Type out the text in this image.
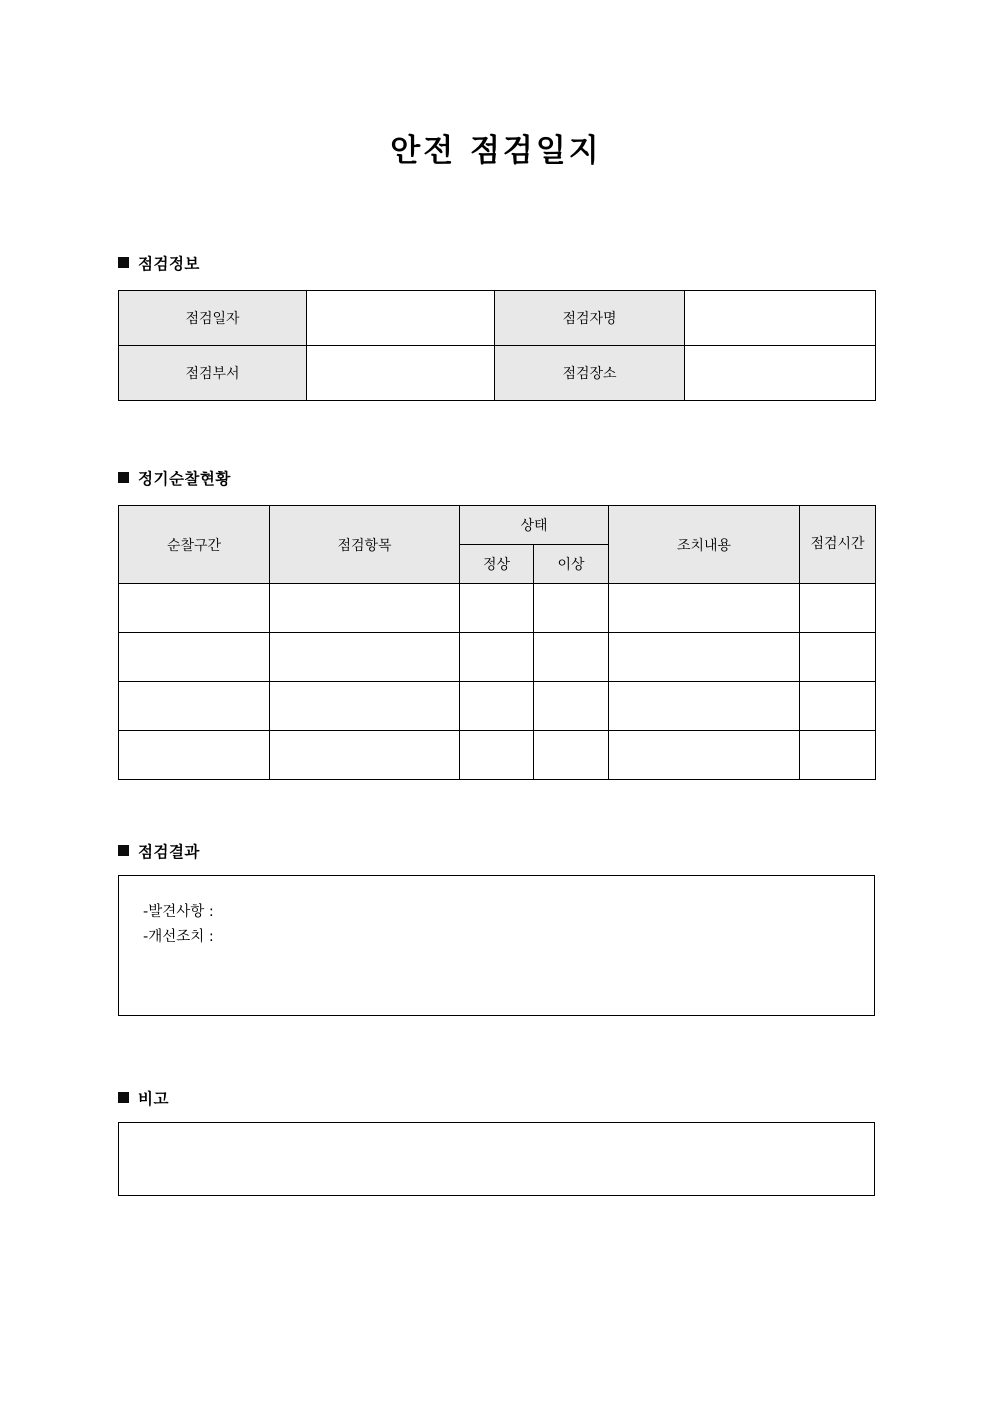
안전 점검일지
점검정보
점검일자		점검자명	
점검부서		점검장소	
정기순찰현황
순찰구간	점검항목	상태		조치내용	점검시간

		정상	이상		

점검결과
-발견사항 :
-개선조치 :
비고
